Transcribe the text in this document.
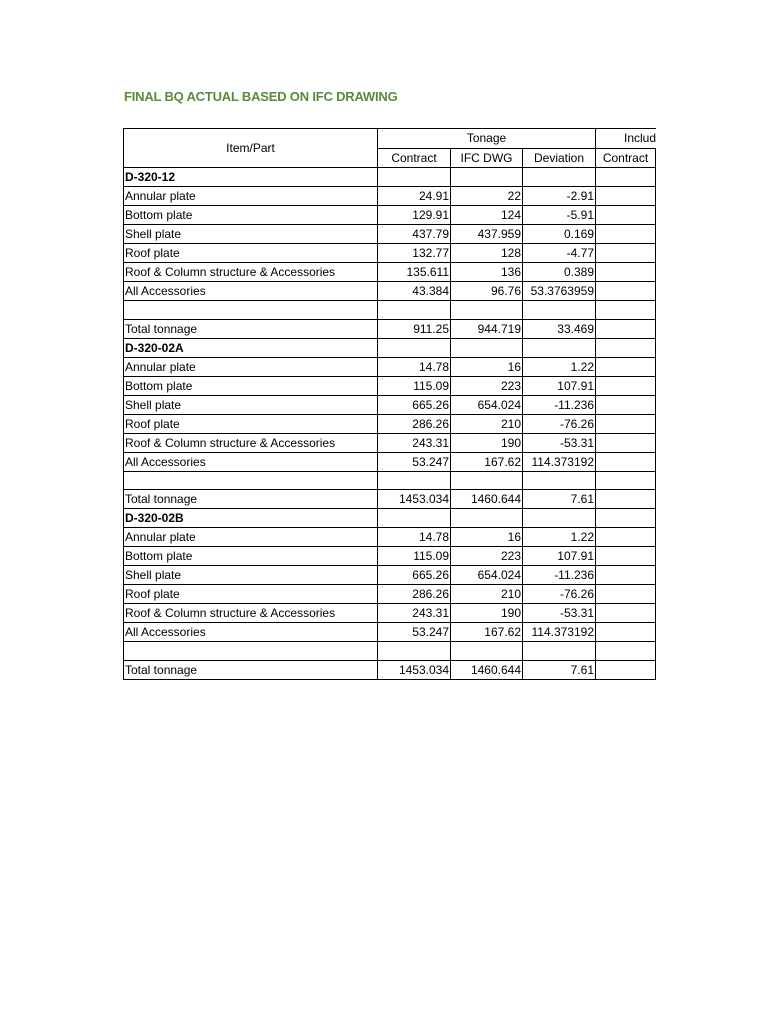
FINAL BQ ACTUAL BASED ON IFC DRAWING
Item/Part	Tonage			Includ	
	Contract	IFC DWG	Deviation	Contract	
D-320-12					
Annular plate	24.91	22	-2.91		
Bottom plate	129.91	124	-5.91		
Shell plate	437.79	437.959	0.169		
Roof plate	132.77	128	-4.77		
Roof & Column structure & Accessories	135.611	136	0.389		
All Accessories	43.384	96.76	53.3763959		

Total tonnage	911.25	944.719	33.469		
D-320-02A					
Annular plate	14.78	16	1.22		
Bottom plate	115.09	223	107.91		
Shell plate	665.26	654.024	-11.236		
Roof plate	286.26	210	-76.26		
Roof & Column structure & Accessories	243.31	190	-53.31		
All Accessories	53.247	167.62	114.373192		

Total tonnage	1453.034	1460.644	7.61		
D-320-02B					
Annular plate	14.78	16	1.22		
Bottom plate	115.09	223	107.91		
Shell plate	665.26	654.024	-11.236		
Roof plate	286.26	210	-76.26		
Roof & Column structure & Accessories	243.31	190	-53.31		
All Accessories	53.247	167.62	114.373192		

Total tonnage	1453.034	1460.644	7.61		
